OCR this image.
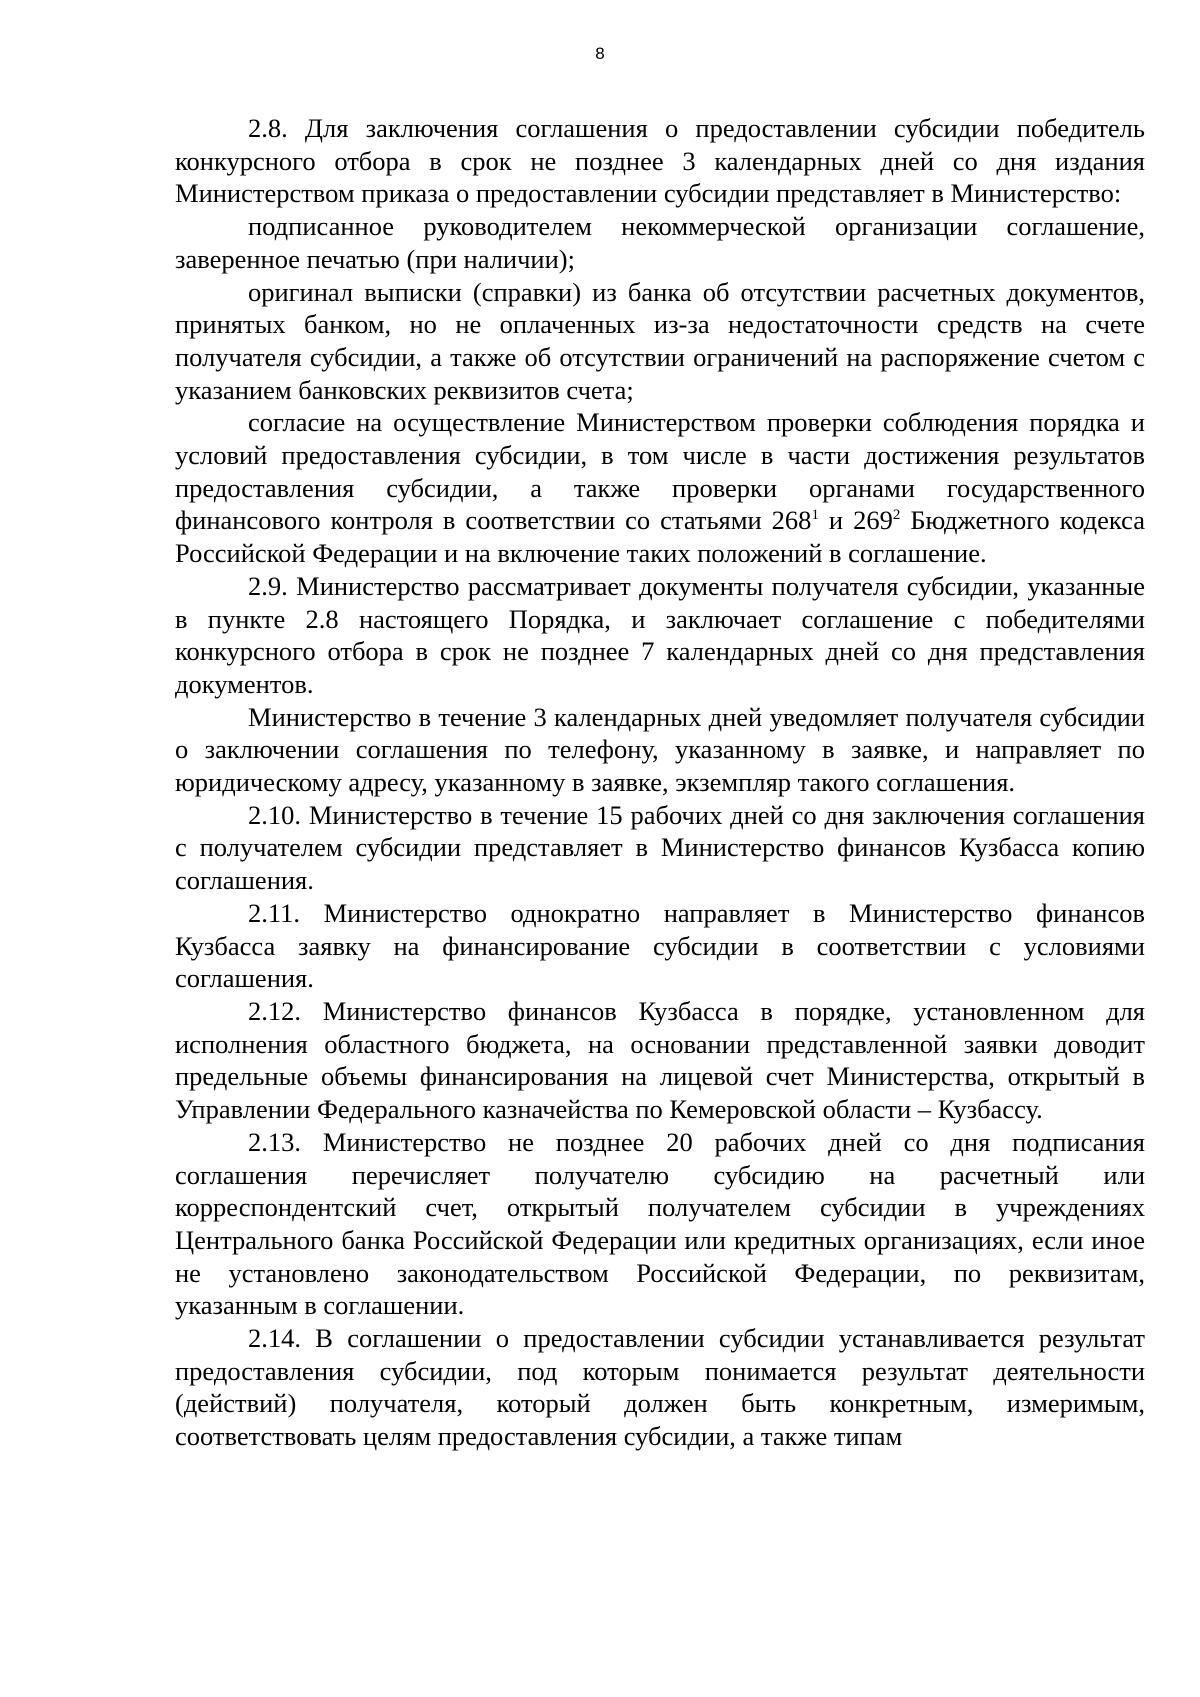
8

2.8. Для заключения соглашения о предоставлении субсидии победитель конкурсного отбора в срок не позднее 3 календарных дней со дня издания Министерством приказа о предоставлении субсидии представляет в Министерство:

подписанное руководителем некоммерческой организации соглашение, заверенное печатью (при наличии);

оригинал выписки (справки) из банка об отсутствии расчетных документов, принятых банком, но не оплаченных из-за недостаточности средств на счете получателя субсидии, а также об отсутствии ограничений на распоряжение счетом с указанием банковских реквизитов счета;

согласие на осуществление Министерством проверки соблюдения порядка и условий предоставления субсидии, в том числе в части достижения результатов предоставления субсидии, а также проверки органами государственного финансового контроля в соответствии со статьями $268^1$ и $269^2$ Бюджетного кодекса Российской Федерации и на включение таких положений в соглашение.

2.9. Министерство рассматривает документы получателя субсидии, указанные в пункте 2.8 настоящего Порядка, и заключает соглашение с победителями конкурсного отбора в срок не позднее 7 календарных дней со дня представления документов.

Министерство в течение 3 календарных дней уведомляет получателя субсидии о заключении соглашения по телефону, указанному в заявке, и направляет по юридическому адресу, указанному в заявке, экземпляр такого соглашения.

2.10. Министерство в течение 15 рабочих дней со дня заключения соглашения с получателем субсидии представляет в Министерство финансов Кузбасса копию соглашения.

2.11. Министерство однократно направляет в Министерство финансов Кузбасса заявку на финансирование субсидии в соответствии с условиями соглашения.

2.12. Министерство финансов Кузбасса в порядке, установленном для исполнения областного бюджета, на основании представленной заявки доводит предельные объемы финансирования на лицевой счет Министерства, открытый в Управлении Федерального казначейства по Кемеровской области – Кузбассу.

2.13. Министерство не позднее 20 рабочих дней со дня подписания соглашения перечисляет получателю субсидию на расчетный или корреспондентский счет, открытый получателем субсидии в учреждениях Центрального банка Российской Федерации или кредитных организациях, если иное не установлено законодательством Российской Федерации, по реквизитам, указанным в соглашении.

2.14. В соглашении о предоставлении субсидии устанавливается результат предоставления субсидии, под которым понимается результат деятельности (действий) получателя, который должен быть конкретным, измеримым, соответствовать целям предоставления субсидии, а также типам
